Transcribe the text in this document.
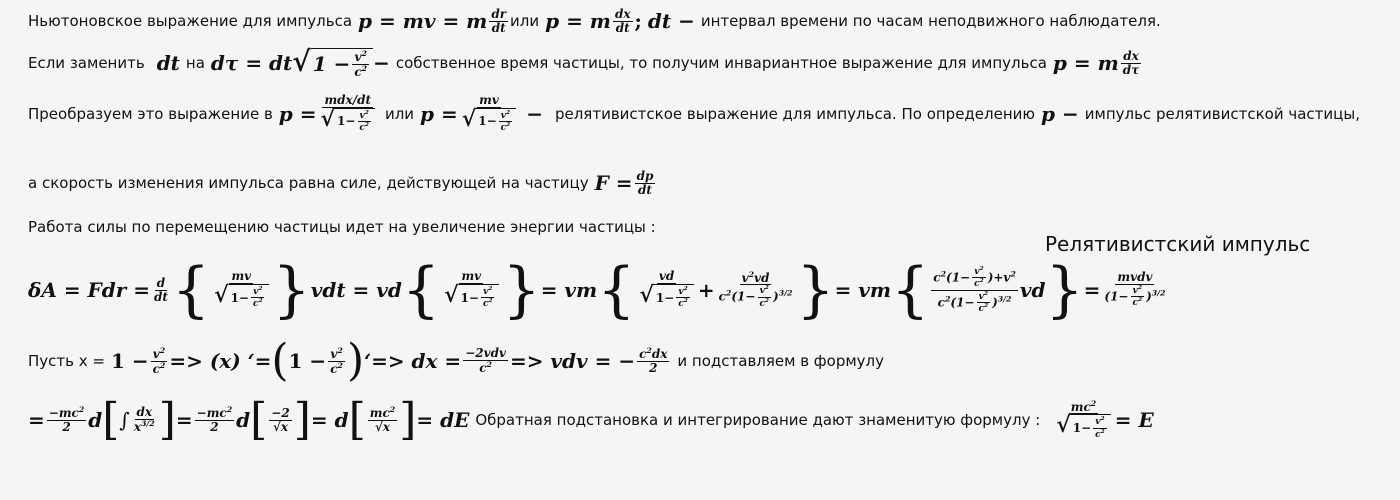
Ньютоновское выражение для импульса p = mv = m dr
dt или p = m dx
dt ; dt − интервал времени по часам неподвижного наблюдателя.
Если заменить dt на dτ = dt √ $1 - \frac{v^2}{c^2}$ − собственное время частицы, то получим инвариантное выражение для импульса p = m dx
dτ
Преобразуем это выражение в p =
mdx/dt
√ $1- \frac{v^2}{c^2}$ или $p = \frac{mv}{√ 1- \frac{v^2}{c^2}}$ − релятивистское выражение для импульса. По определению p − импульс релятивистской частицы,
а скорость изменения импульса равна силе, действующей на частицу $F = \frac{dp}{dt}$
Работа силы по перемещению частицы идет на увеличение энергии частицы :
Релятивистский импульс
δA = Fdr = $\frac{d}{dt}$ { mv
√ $1- \frac{v^2}{c^2}$ } vdt = vd { mv
√ $1- \frac{v^2}{c^2}$ } = vm { vd
√ $1- \frac{v^2}{c^2} + \frac{v^2vd}{c^2(1- \frac{v^2}{c^2} )^{3/2}}$ } = vm { $c^2(1- \frac{v^2}{c^2} )+v^2$
$c^2(1- \frac{v^2}{c^2} )^{3/2}$ vd } =
mvdv
$(1- \frac{v^2}{c^2} )^{3/2}$
Пусть $x = 1 - \frac{v^2}{c^2} => (x)$ ‘= ( $1 - \frac{v^2}{c^2}$ ) ‘=> dx = −2vdv
$c^2$ => vdv = − $\frac{c^2dx}{2}$ и подставляем в формулу
= $\frac{-mc^2}{2}$ d [ ∫ dx
$x^{3/2}$ ] = $\frac{-mc^2}{2}$ d [ −2
√x ] = d [ $mc^2$
√x ] = dE Обратная подстановка и интегрирование дают знаменитую формулу : $\frac{mc^2}{√ 1- \frac{v^2}{c^2}} = E$
